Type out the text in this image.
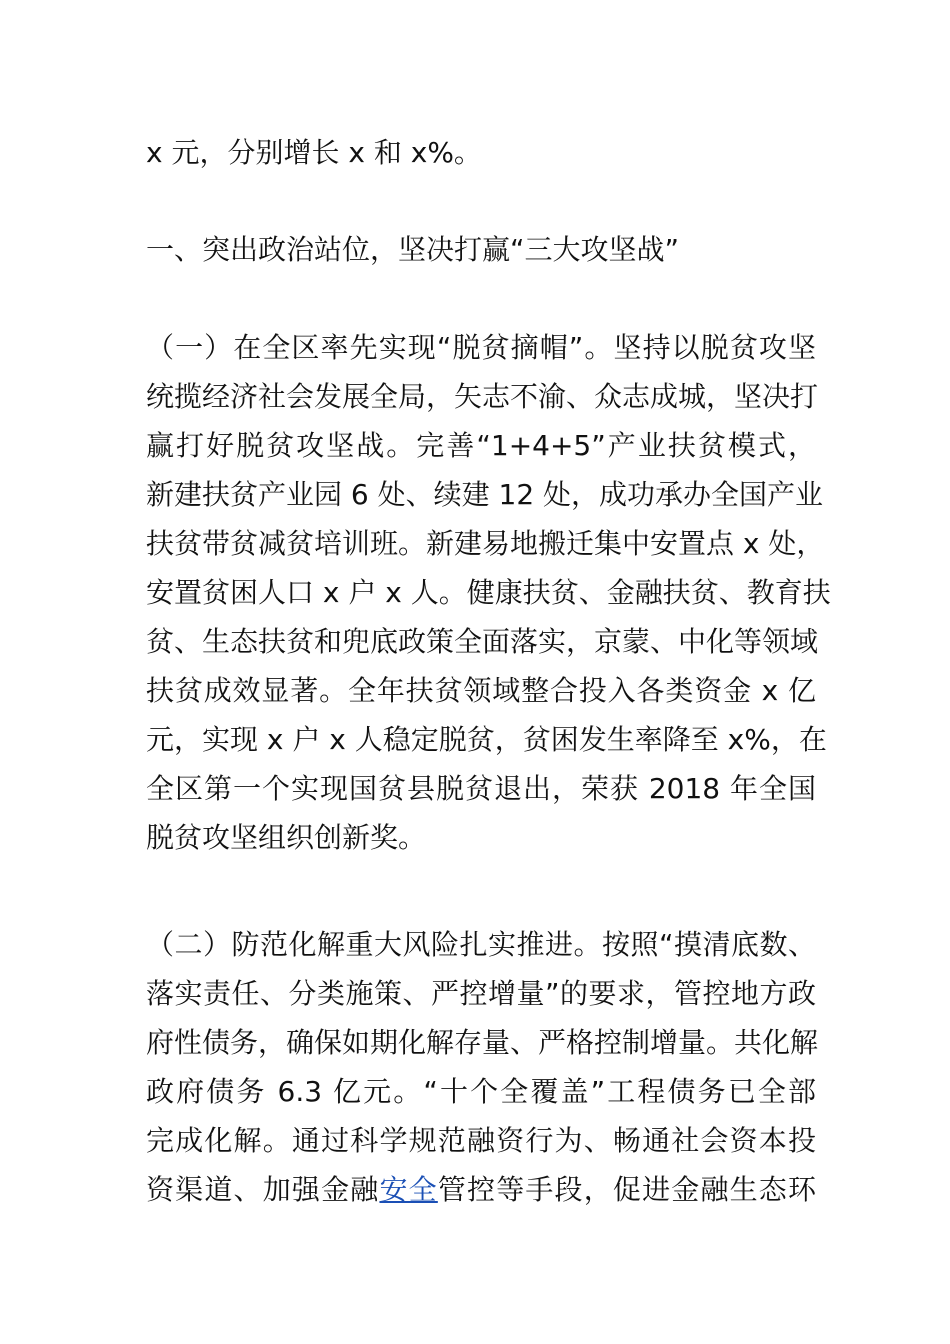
x 元，分别增长 x 和 x%。
一、突出政治站位，坚决打赢“三大攻坚战”
（一）在全区率先实现“脱贫摘帽”。坚持以脱贫攻坚
统揽经济社会发展全局，矢志不渝、众志成城，坚决打
赢打好脱贫攻坚战。完善“1+4+5”产业扶贫模式，
新建扶贫产业园 6 处、续建 12 处，成功承办全国产业
扶贫带贫减贫培训班。新建易地搬迁集中安置点 x 处，
安置贫困人口 x 户 x 人。健康扶贫、金融扶贫、教育扶
贫、生态扶贫和兜底政策全面落实，京蒙、中化等领域
扶贫成效显著。全年扶贫领域整合投入各类资金 x 亿
元，实现 x 户 x 人稳定脱贫，贫困发生率降至 x%，在
全区第一个实现国贫县脱贫退出，荣获 2018 年全国
脱贫攻坚组织创新奖。
（二）防范化解重大风险扎实推进。按照“摸清底数、
落实责任、分类施策、严控增量”的要求，管控地方政
府性债务，确保如期化解存量、严格控制增量。共化解
政府债务 6.3 亿元。“十个全覆盖”工程债务已全部
完成化解。通过科学规范融资行为、畅通社会资本投
资渠道、加强金融安全管控等手段，促进金融生态环
